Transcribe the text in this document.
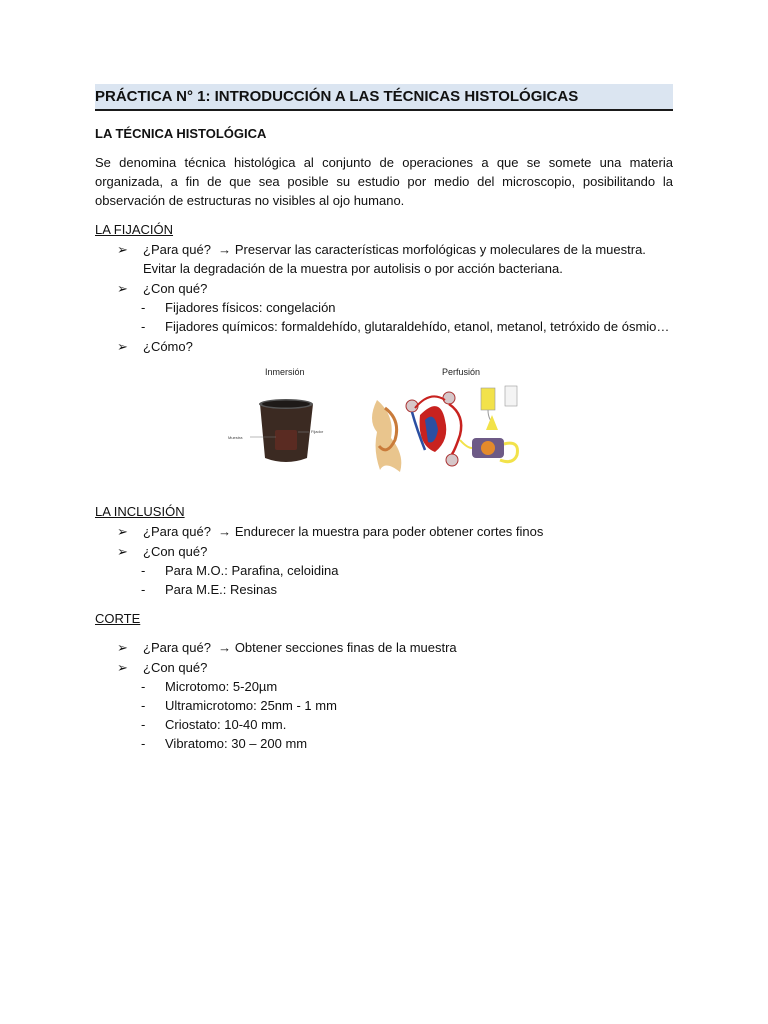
PRÁCTICA N° 1: INTRODUCCIÓN A LAS TÉCNICAS HISTOLÓGICAS
LA TÉCNICA HISTOLÓGICA
Se denomina técnica histológica al conjunto de operaciones a que se somete una materia organizada, a fin de que sea posible su estudio por medio del microscopio, posibilitando la observación de estructuras no visibles al ojo humano.
LA FIJACIÓN
➢ ¿Para qué?  → Preservar las características morfológicas y moleculares de la muestra. Evitar la degradación de la muestra por autolisis o por acción bacteriana.
➢ ¿Con qué?
- Fijadores físicos: congelación
- Fijadores químicos: formaldehído, glutaraldehído, etanol, metanol, tetróxido de ósmio…
➢ ¿Cómo?
Inmersión
Muestra
Fijador
Perfusión
LA INCLUSIÓN
➢ ¿Para qué?  → Endurecer la muestra para poder obtener cortes finos
➢ ¿Con qué?
- Para M.O.: Parafina, celoidina
- Para M.E.: Resinas
CORTE
➢ ¿Para qué?  → Obtener secciones finas de la muestra
➢ ¿Con qué?
- Microtomo: 5-20µm
- Ultramicrotomo: 25nm - 1 mm
- Criostato: 10-40 mm.
- Vibratomo: 30 – 200 mm
